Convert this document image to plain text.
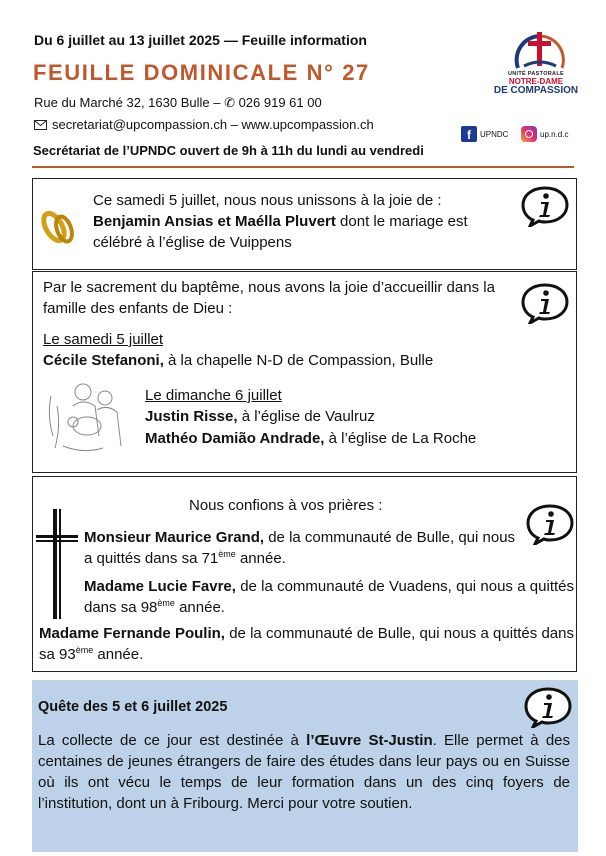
Du 6 juillet au 13 juillet 2025 — Feuille information
FEUILLE DOMINICALE N° 27
Rue du Marché 32, 1630 Bulle – ✆ 026 919 61 00
secretariat@upcompassion.ch – www.upcompassion.ch
Secrétariat de l’UPNDC ouvert de 9h à 11h du lundi au vendredi
UNITÉ PASTORALE
NOTRE-DAME
DE COMPASSION
f	UPNDC	up.n.d.c
Ce samedi 5 juillet, nous nous unissons à la joie de : Benjamin Ansias et Maélla Pluvert dont le mariage est célébré à l’église de Vuippens
Par le sacrement du baptême, nous avons la joie d’accueillir dans la famille des enfants de Dieu :
Le samedi 5 juillet
Cécile Stefanoni, à la chapelle N-D de Compassion, Bulle
Le dimanche 6 juillet
Justin Risse, à l’église de Vaulruz
Mathéo Damião Andrade, à l’église de La Roche
Nous confions à vos prières :
Monsieur Maurice Grand, de la communauté de Bulle, qui nous a quittés dans sa 71ème année.
Madame Lucie Favre, de la communauté de Vuadens, qui nous a quittés dans sa 98ème année.
Madame Fernande Poulin, de la communauté de Bulle, qui nous a quittés dans sa 93ème année.
Quête des 5 et 6 juillet 2025
La collecte de ce jour est destinée à l’Œuvre St-Justin. Elle permet à des centaines de jeunes étrangers de faire des études dans leur pays ou en Suisse où ils ont vécu le temps de leur formation dans un des cinq foyers de l’institution, dont un à Fribourg. Merci pour votre soutien.
